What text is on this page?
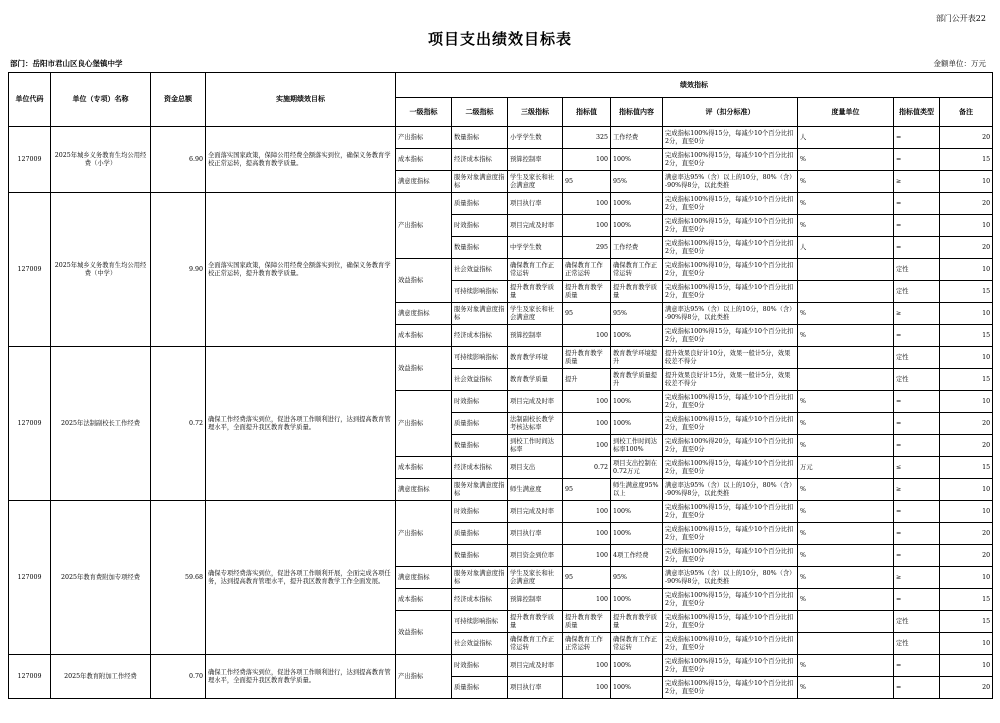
部门公开表22
项目支出绩效目标表
部门：岳阳市君山区良心堡镇中学	金额单位：万元
单位代码	单位（专项）名称	资金总额	实施期绩效目标	绩效指标								
				一级指标	二级指标	三级指标	指标值	指标值内容	评（扣分标准）	度量单位	指标值类型	备注
127009	2025年城乡义务教育生均公用经费（小学）	6.90	全面落实国家政策，保障公用经费全额落实到位，确保义务教育学校正常运转，提高教育教学质量。	产出指标	数量指标	小学学生数	325	工作经费	完成指标100%得15分，每减少10个百分比扣2分，直至0分	人	=	20
				成本指标	经济成本指标	预算控制率	100	100%	完成指标100%得15分，每减少10个百分比扣2分，直至0分	%	=	15
				满意度指标	服务对象满意度指标	学生及家长和社会满意度	95	95%	满意率达95%（含）以上的10分，80%（含）-90%得8分，以此类推	%	≥	10
127009	2025年城乡义务教育生均公用经费（中学）	9.90	全面落实国家政策，保障公用经费全额落实到位，确保义务教育学校正常运转，提升教育教学质量。	产出指标	质量指标	项目执行率	100	100%	完成指标100%得15分，每减少10个百分比扣2分，直至0分	%	=	20
					时效指标	项目完成及时率	100	100%	完成指标100%得15分，每减少10个百分比扣2分，直至0分	%	=	10
					数量指标	中学学生数	295	工作经费	完成指标100%得15分，每减少10个百分比扣2分，直至0分	人	=	20
				效益指标	社会效益指标	确保教育工作正常运转	确保教育工作正常运转	确保教育工作正常运转	完成指标100%得10分，每减少10个百分比扣2分，直至0分		定性	10
					可持续影响指标	提升教育教学质量	提升教育教学质量	提升教育教学质量	完成指标100%得15分，每减少10个百分比扣2分，直至0分		定性	15
				满意度指标	服务对象满意度指标	学生及家长和社会满意度	95	95%	满意率达95%（含）以上的10分，80%（含）-90%得8分，以此类推	%	≥	10
				成本指标	经济成本指标	预算控制率	100	100%	完成指标100%得15分，每减少10个百分比扣2分，直至0分	%	=	15
127009	2025年法制副校长工作经费	0.72	确保工作经费落实到位，促进各项工作顺利进行，达到提高教育管理水平，全面提升我区教育教学质量。	效益指标	可持续影响指标	教育教学环境	提升教育教学质量	教育教学环境提升	提升效果良好计10分，效果一般计5分，效果较差不得分		定性	10
					社会效益指标	教育教学质量	提升	教育教学质量提升	提升效果良好计15分，效果一般计5分，效果较差不得分		定性	15
				产出指标	时效指标	项目完成及时率	100	100%	完成指标100%得15分，每减少10个百分比扣2分，直至0分	%	=	10
					质量指标	法制副校长教学考核达标率	100	100%	完成指标100%得15分，每减少10个百分比扣2分，直至0分	%	=	20
					数量指标	到校工作时间达标率	100	到校工作时间达标率100%	完成指标100%得20分，每减少10个百分比扣2分，直至0分	%	=	20
				成本指标	经济成本指标	项目支出	0.72	项目支出控制在0.72万元	完成指标100%得15分，每减少10个百分比扣2分，直至0分	万元	≤	15
				满意度指标	服务对象满意度指标	师生满意度	95	师生满意度95%以上	满意率达95%（含）以上的10分，80%（含）-90%得8分，以此类推	%	≥	10
127009	2025年教育费附加专项经费	59.68	确保专项经费落实到位，促进各项工作顺利开展，全面完成各项任务，达到提高教育管理水平，提升我区教育教学工作全面发展。	产出指标	时效指标	项目完成及时率	100	100%	完成指标100%得15分，每减少10个百分比扣2分，直至0分	%	=	10
					质量指标	项目执行率	100	100%	完成指标100%得15分，每减少10个百分比扣2分，直至0分	%	=	20
					数量指标	项目资金到位率	100	4项工作经费	完成指标100%得15分，每减少10个百分比扣2分，直至0分	%	=	20
				满意度指标	服务对象满意度指标	学生及家长和社会满意度	95	95%	满意率达95%（含）以上的10分，80%（含）-90%得8分，以此类推	%	≥	10
				成本指标	经济成本指标	预算控制率	100	100%	完成指标100%得15分，每减少10个百分比扣2分，直至0分	%	=	15
				效益指标	可持续影响指标	提升教育教学质量	提升教育教学质量	提升教育教学质量	完成指标100%得15分，每减少10个百分比扣2分，直至0分		定性	15
					社会效益指标	确保教育工作正常运转	确保教育工作正常运转	确保教育工作正常运转	完成指标100%得10分，每减少10个百分比扣2分，直至0分		定性	10
127009	2025年教育附加工作经费	0.70	确保工作经费落实到位，促进各项工作顺利进行，达到提高教育管理水平，全面提升我区教育教学质量。	产出指标	时效指标	项目完成及时率	100	100%	完成指标100%得15分，每减少10个百分比扣2分，直至0分	%	=	10
					质量指标	项目执行率	100	100%	完成指标100%得15分，每减少10个百分比扣2分，直至0分	%	=	20
